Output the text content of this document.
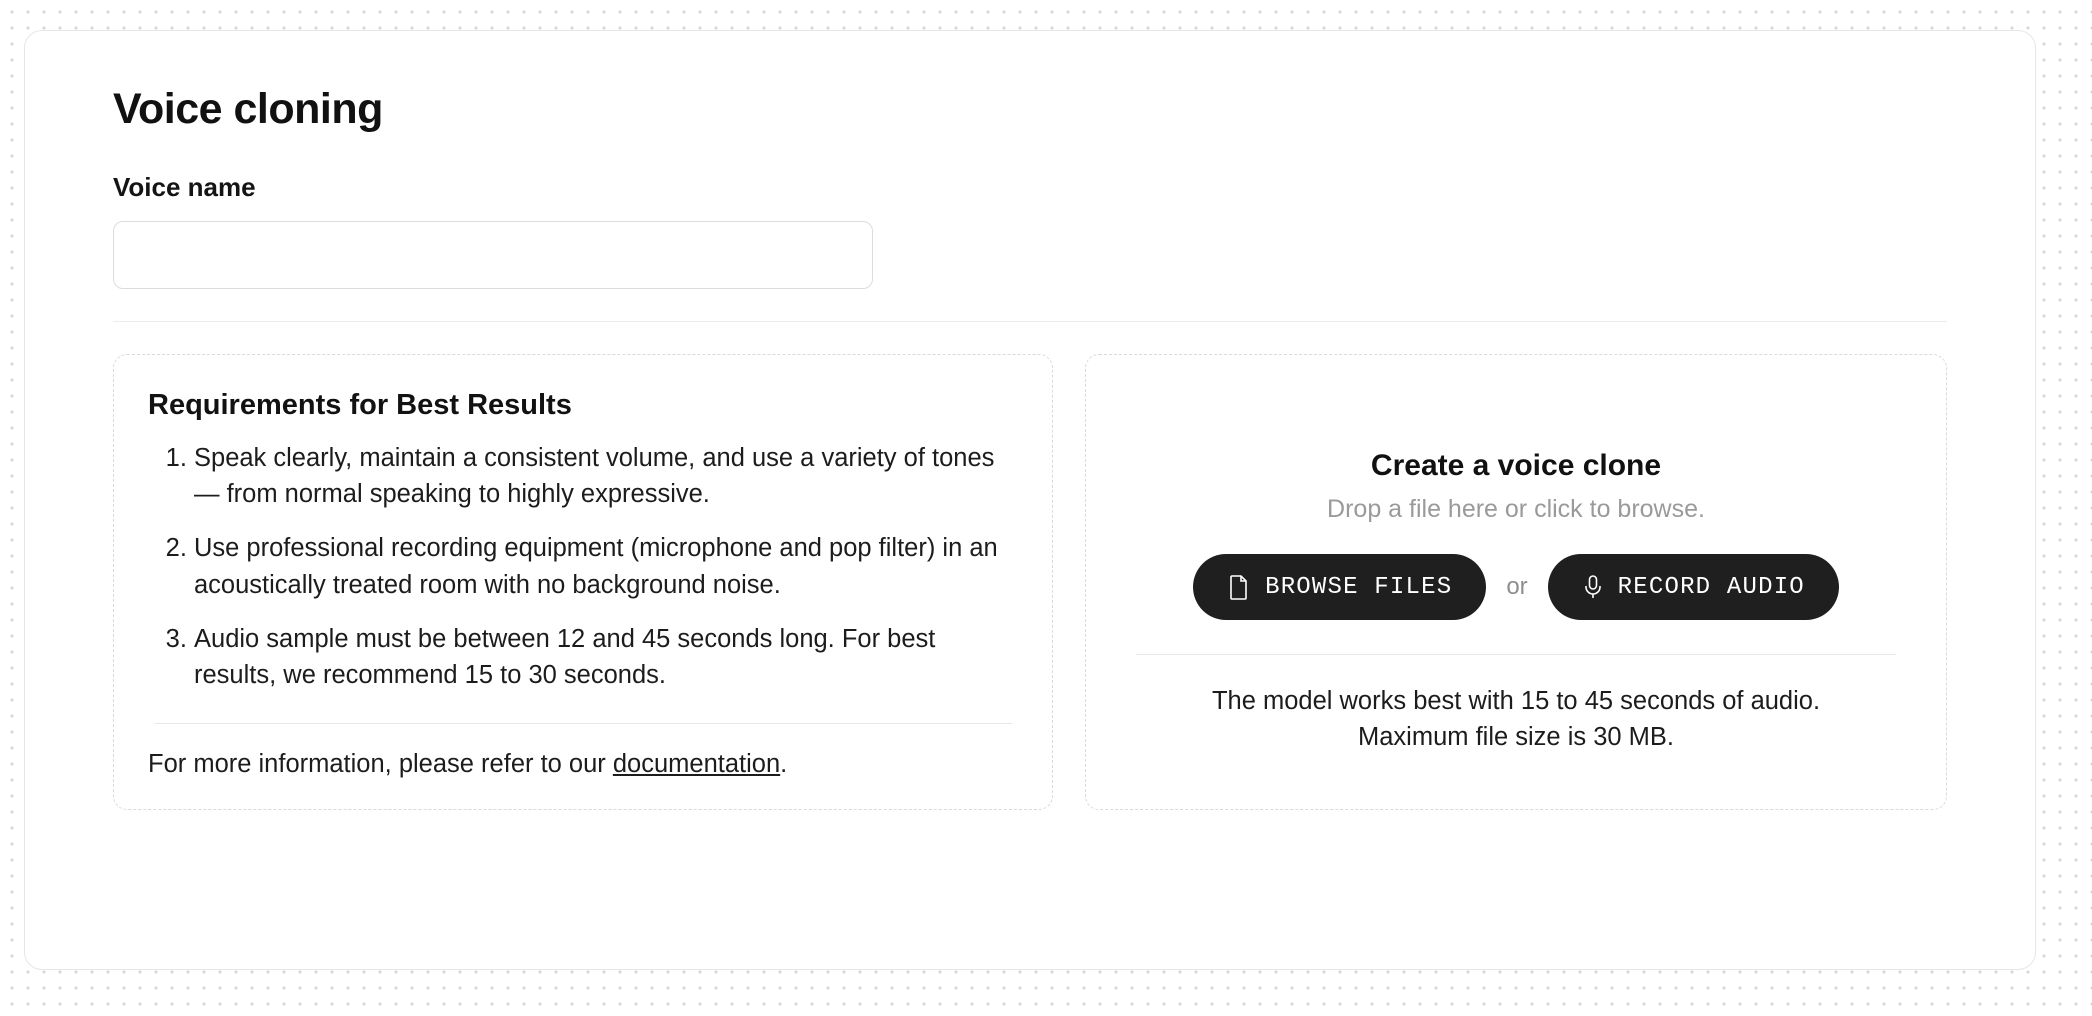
Voice cloning
Voice name
Requirements for Best Results
1. Speak clearly, maintain a consistent volume, and use a variety of tones — from normal speaking to highly expressive.
2. Use professional recording equipment (microphone and pop filter) in an acoustically treated room with no background noise.
3. Audio sample must be between 12 and 45 seconds long. For best results, we recommend 15 to 30 seconds.

For more information, please refer to our documentation.

Create a voice clone

Drop a file here or click to browse.

BROWSE FILES or	RECORD AUDIO

The model works best with 15 to 45 seconds of audio. Maximum file size is 30 MB.
